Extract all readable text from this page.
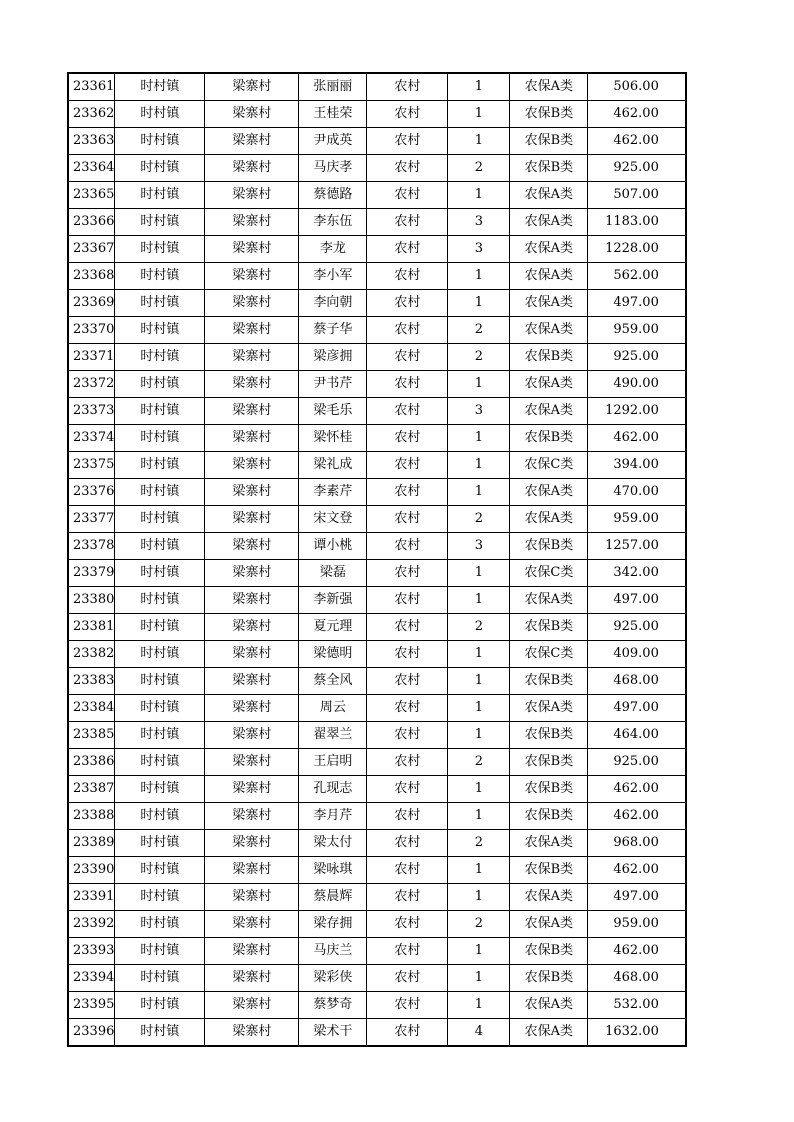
23361	时村镇	梁寨村	张丽丽	农村	1	农保A类	506.00
23362	时村镇	梁寨村	王桂荣	农村	1	农保B类	462.00
23363	时村镇	梁寨村	尹成英	农村	1	农保B类	462.00
23364	时村镇	梁寨村	马庆孝	农村	2	农保B类	925.00
23365	时村镇	梁寨村	蔡德路	农村	1	农保A类	507.00
23366	时村镇	梁寨村	李东伍	农村	3	农保A类	1183.00
23367	时村镇	梁寨村	李龙	农村	3	农保A类	1228.00
23368	时村镇	梁寨村	李小军	农村	1	农保A类	562.00
23369	时村镇	梁寨村	李向朝	农村	1	农保A类	497.00
23370	时村镇	梁寨村	蔡子华	农村	2	农保A类	959.00
23371	时村镇	梁寨村	梁彦拥	农村	2	农保B类	925.00
23372	时村镇	梁寨村	尹书芹	农村	1	农保A类	490.00
23373	时村镇	梁寨村	梁毛乐	农村	3	农保A类	1292.00
23374	时村镇	梁寨村	梁怀桂	农村	1	农保B类	462.00
23375	时村镇	梁寨村	梁礼成	农村	1	农保C类	394.00
23376	时村镇	梁寨村	李素芹	农村	1	农保A类	470.00
23377	时村镇	梁寨村	宋文登	农村	2	农保A类	959.00
23378	时村镇	梁寨村	谭小桃	农村	3	农保B类	1257.00
23379	时村镇	梁寨村	梁磊	农村	1	农保C类	342.00
23380	时村镇	梁寨村	李新强	农村	1	农保A类	497.00
23381	时村镇	梁寨村	夏元理	农村	2	农保B类	925.00
23382	时村镇	梁寨村	梁德明	农村	1	农保C类	409.00
23383	时村镇	梁寨村	蔡全风	农村	1	农保B类	468.00
23384	时村镇	梁寨村	周云	农村	1	农保A类	497.00
23385	时村镇	梁寨村	翟翠兰	农村	1	农保B类	464.00
23386	时村镇	梁寨村	王启明	农村	2	农保B类	925.00
23387	时村镇	梁寨村	孔现志	农村	1	农保B类	462.00
23388	时村镇	梁寨村	李月芹	农村	1	农保B类	462.00
23389	时村镇	梁寨村	梁太付	农村	2	农保A类	968.00
23390	时村镇	梁寨村	梁咏琪	农村	1	农保B类	462.00
23391	时村镇	梁寨村	蔡晨辉	农村	1	农保A类	497.00
23392	时村镇	梁寨村	梁存拥	农村	2	农保A类	959.00
23393	时村镇	梁寨村	马庆兰	农村	1	农保B类	462.00
23394	时村镇	梁寨村	梁彩侠	农村	1	农保B类	468.00
23395	时村镇	梁寨村	蔡梦奇	农村	1	农保A类	532.00
23396	时村镇	梁寨村	梁术干	农村	4	农保A类	1632.00
